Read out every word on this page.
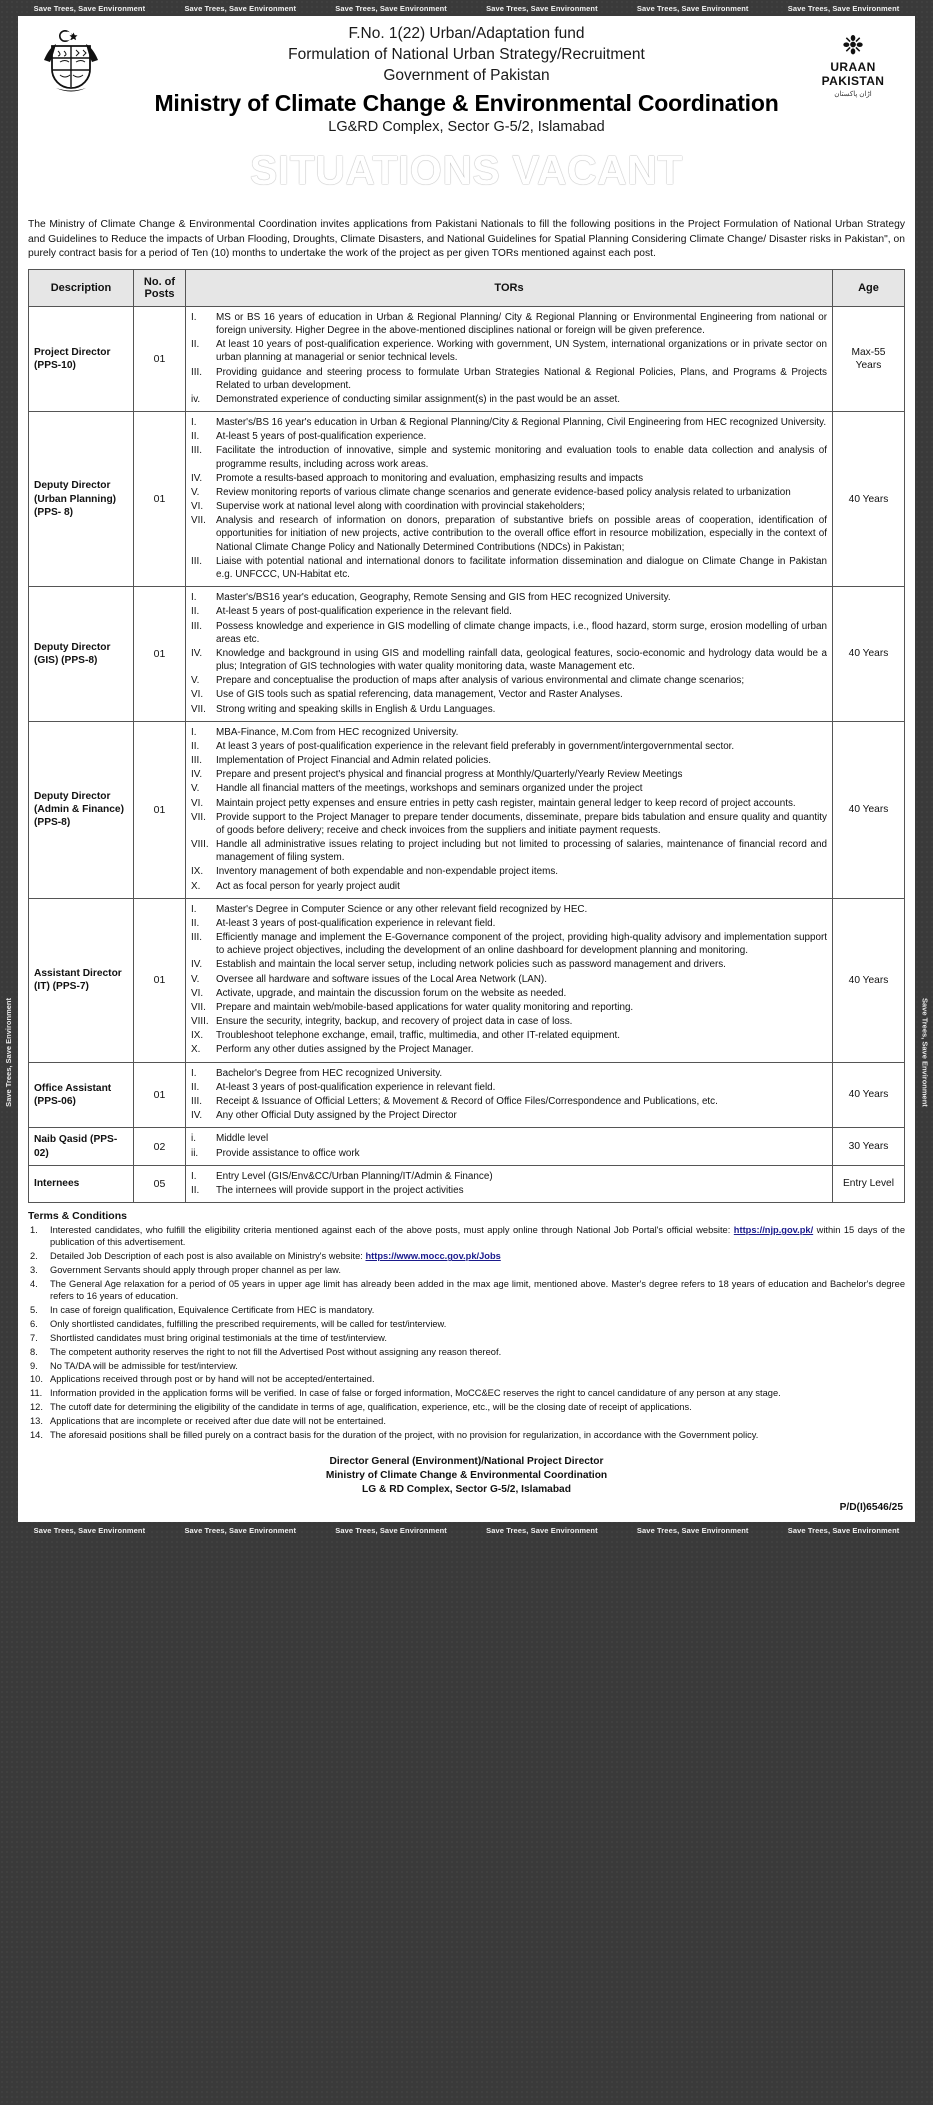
Save Trees, Save Environment	Save Trees, Save Environment	Save Trees, Save Environment	Save Trees, Save Environment	Save Trees, Save Environment	Save Trees, Save Environment
Save Trees, Save Environment	Save Trees, Save Environment
❉
URAAN
PAKISTAN
اڑان پاکستان
F.No. 1(22) Urban/Adaptation fund
Formulation of National Urban Strategy/Recruitment
Government of Pakistan
Ministry of Climate Change & Environmental Coordination
LG&RD Complex, Sector G-5/2, Islamabad
SITUATIONS VACANT

The Ministry of Climate Change & Environmental Coordination invites applications from Pakistani Nationals to fill the following positions in the Project Formulation of National Urban Strategy and Guidelines to Reduce the impacts of Urban Flooding, Droughts, Climate Disasters, and National Guidelines for Spatial Planning Considering Climate Change/ Disaster risks in Pakistan", on purely contract basis for a period of Ten (10) months to undertake the work of the project as per given TORs mentioned against each post.

Description	No. of Posts	TORs	Age
Project Director (PPS-10)	01	
I.	MS or BS 16 years of education in Urban & Regional Planning/ City & Regional Planning or Environmental Engineering from national or foreign university. Higher Degree in the above-mentioned disciplines national or foreign will be given preference.
II.	At least 10 years of post-qualification experience. Working with government, UN System, international organizations or in private sector on urban planning at managerial or senior technical levels.
III.	Providing guidance and steering process to formulate Urban Strategies National & Regional Policies, Plans, and Programs & Projects Related to urban development.
iv.	Demonstrated experience of conducting similar assignment(s) in the past would be an asset.
	Max-55 Years
Deputy Director (Urban Planning) (PPS- 8)	01	
I.	Master's/BS 16 year's education in Urban & Regional Planning/City & Regional Planning, Civil Engineering from HEC recognized University.
II.	At-least 5 years of post-qualification experience.
III.	Facilitate the introduction of innovative, simple and systemic monitoring and evaluation tools to enable data collection and analysis of programme results, including across work areas.
IV.	Promote a results-based approach to monitoring and evaluation, emphasizing results and impacts
V.	Review monitoring reports of various climate change scenarios and generate evidence-based policy analysis related to urbanization
VI.	Supervise work at national level along with coordination with provincial stakeholders;
VII.	Analysis and research of information on donors, preparation of substantive briefs on possible areas of cooperation, identification of opportunities for initiation of new projects, active contribution to the overall office effort in resource mobilization, especially in the context of National Climate Change Policy and Nationally Determined Contributions (NDCs) in Pakistan;
III.	Liaise with potential national and international donors to facilitate information dissemination and dialogue on Climate Change in Pakistan e.g. UNFCCC, UN-Habitat etc.
	40 Years
Deputy Director (GIS) (PPS-8)	01	
I.	Master's/BS16 year's education, Geography, Remote Sensing and GIS from HEC recognized University.
II.	At-least 5 years of post-qualification experience in the relevant field.
III.	Possess knowledge and experience in GIS modelling of climate change impacts, i.e., flood hazard, storm surge, erosion modelling of urban areas etc.
IV.	Knowledge and background in using GIS and modelling rainfall data, geological features, socio-economic and hydrology data would be a plus; Integration of GIS technologies with water quality monitoring data, waste Management etc.
V.	Prepare and conceptualise the production of maps after analysis of various environmental and climate change scenarios;
VI.	Use of GIS tools such as spatial referencing, data management, Vector and Raster Analyses.
VII.	Strong writing and speaking skills in English & Urdu Languages.
	40 Years
Deputy Director (Admin & Finance) (PPS-8)	01	
I.	MBA-Finance, M.Com from HEC recognized University.
II.	At least 3 years of post-qualification experience in the relevant field preferably in government/intergovernmental sector.
III.	Implementation of Project Financial and Admin related policies.
IV.	Prepare and present project's physical and financial progress at Monthly/Quarterly/Yearly Review Meetings
V.	Handle all financial matters of the meetings, workshops and seminars organized under the project
VI.	Maintain project petty expenses and ensure entries in petty cash register, maintain general ledger to keep record of project accounts.
VII.	Provide support to the Project Manager to prepare tender documents, disseminate, prepare bids tabulation and ensure quality and quantity of goods before delivery; receive and check invoices from the suppliers and initiate payment requests.
VIII. Handle all administrative issues relating to project including but not limited to processing of salaries, maintenance of financial record and management of filing system.
IX.	Inventory management of both expendable and non-expendable project items.
X.	Act as focal person for yearly project audit
	40 Years
Assistant Director (IT) (PPS-7)	01	
I.	Master's Degree in Computer Science or any other relevant field recognized by HEC.
II.	At-least 3 years of post-qualification experience in relevant field.
III.	Efficiently manage and implement the E-Governance component of the project, providing high-quality advisory and implementation support to achieve project objectives, including the development of an online dashboard for development planning and monitoring.
IV.	Establish and maintain the local server setup, including network policies such as password management and drivers.
V.	Oversee all hardware and software issues of the Local Area Network (LAN).
VI.	Activate, upgrade, and maintain the discussion forum on the website as needed.
VII.	Prepare and maintain web/mobile-based applications for water quality monitoring and reporting.
VIII. Ensure the security, integrity, backup, and recovery of project data in case of loss.
IX.	Troubleshoot telephone exchange, email, traffic, multimedia, and other IT-related equipment.
X.	Perform any other duties assigned by the Project Manager.
	40 Years
Office Assistant (PPS-06)	01	
I.	Bachelor's Degree from HEC recognized University.
II.	At-least 3 years of post-qualification experience in relevant field.
III.	Receipt & Issuance of Official Letters; & Movement & Record of Office Files/Correspondence and Publications, etc.
IV.	Any other Official Duty assigned by the Project Director
	40 Years
Naib Qasid (PPS-02)	02	
i.	Middle level
ii.	Provide assistance to office work
	30 Years
Internees	05	
I.	Entry Level (GIS/Env&CC/Urban Planning/IT/Admin & Finance)
II.	The internees will provide support in the project activities
	Entry Level
Terms & Conditions
1.	Interested candidates, who fulfill the eligibility criteria mentioned against each of the above posts, must apply online through National Job Portal's official website: https://njp.gov.pk/ within 15 days of the publication of this advertisement.
2.	Detailed Job Description of each post is also available on Ministry's website: https://www.mocc.gov.pk/Jobs
3.	Government Servants should apply through proper channel as per law.
4.	The General Age relaxation for a period of 05 years in upper age limit has already been added in the max age limit, mentioned above. Master's degree refers to 18 years of education and Bachelor's degree refers to 16 years of education.
5.	In case of foreign qualification, Equivalence Certificate from HEC is mandatory.
6.	Only shortlisted candidates, fulfilling the prescribed requirements, will be called for test/interview.
7.	Shortlisted candidates must bring original testimonials at the time of test/interview.
8.	The competent authority reserves the right to not fill the Advertised Post without assigning any reason thereof.
9.	No TA/DA will be admissible for test/interview.
10. Applications received through post or by hand will not be accepted/entertained.
11. Information provided in the application forms will be verified. In case of false or forged information, MoCC&EC reserves the right to cancel candidature of any person at any stage.
12. The cutoff date for determining the eligibility of the candidate in terms of age, qualification, experience, etc., will be the closing date of receipt of applications.
13. Applications that are incomplete or received after due date will not be entertained.
14. The aforesaid positions shall be filled purely on a contract basis for the duration of the project, with no provision for regularization, in accordance with the Government policy.
Director General (Environment)/National Project Director
Ministry of Climate Change & Environmental Coordination
LG & RD Complex, Sector G-5/2, Islamabad
P/D(I)6546/25
Save Trees, Save Environment	Save Trees, Save Environment	Save Trees, Save Environment	Save Trees, Save Environment	Save Trees, Save Environment	Save Trees, Save Environment
